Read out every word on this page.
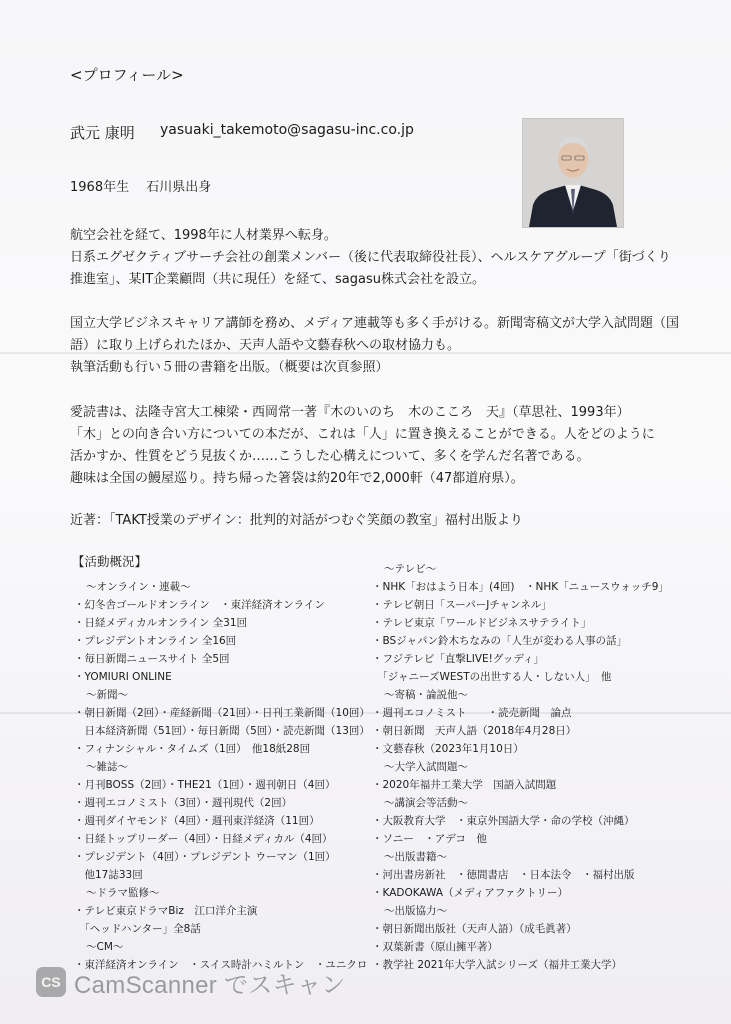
<プロフィール>
武元 康明 yasuaki_takemoto@sagasu-inc.co.jp
1968年生　 石川県出身
航空会社を経て、1998年に人材業界へ転身。
日系エグゼクティブサーチ会社の創業メンバー（後に代表取締役社長）、ヘルスケアグループ「街づくり
推進室」、某IT企業顧問（共に現任）を経て、sagasu株式会社を設立。
国立大学ビジネスキャリア講師を務め、メディア連載等も多く手がける。新聞寄稿文が大学入試問題（国
語）に取り上げられたほか、天声人語や文藝春秋への取材協力も。
執筆活動も行い５冊の書籍を出版。（概要は次頁参照）
愛読書は、法隆寺宮大工棟梁・西岡常一著『木のいのち　木のこころ　天』（草思社、1993年）
「木」との向き合い方についての本だが、これは「人」に置き換えることができる。人をどのように
活かすか、性質をどう見抜くか……こうした心構えについて、多くを学んだ名著である。
趣味は全国の鰻屋巡り。持ち帰った箸袋は約20年で2,000軒（47都道府県）。
近著：「TAKT授業のデザイン：批判的対話がつむぐ笑顔の教室」福村出版より
【活動概況】
～オンライン・連載～
・幻冬舎ゴールドオンライン　・東洋経済オンライン
・日経メディカルオンライン 全31回
・プレジデントオンライン 全16回
・毎日新聞ニュースサイト 全5回
・YOMIURI ONLINE
～新聞～
・朝日新聞（2回）・産経新聞（21回）・日刊工業新聞（10回）
　日本経済新聞（51回）・毎日新聞（5回）・読売新聞（13回）
・フィナンシャル・タイムズ（1回）　他18紙28回
～雑誌～
・月刊BOSS（2回）・THE21（1回）・週刊朝日（4回）
・週刊エコノミスト（3回）・週刊現代（2回）
・週刊ダイヤモンド（4回）・週刊東洋経済（11回）
・日経トップリーダー（4回）・日経メディカル（4回）
・プレジデント（4回）・プレジデント ウーマン（1回）
　他17誌33回
～ドラマ監修～
・テレビ東京ドラマBiz　江口洋介主演
　「ヘッドハンター」全8話
～CM～
・東洋経済オンライン　・スイス時計ハミルトン　・ユニクロ
～テレビ～
・NHK「おはよう日本」(4回)　・NHK「ニュースウォッチ9」
・テレビ朝日「スーパーJチャンネル」
・テレビ東京「ワールドビジネスサテライト」
・BSジャパン鈴木ちなみの「人生が変わる人事の話」
・フジテレビ「直撃LIVE!グッディ」
　「ジャニーズWESTの出世する人・しない人」　他
～寄稿・論説他～
・週刊エコノミスト　　・読売新聞　論点
・朝日新聞　天声人語（2018年4月28日）
・文藝春秋（2023年1月10日）
～大学入試問題～
・2020年福井工業大学　国語入試問題
～講演会等活動～
・大阪教育大学　・東京外国語大学・命の学校（沖縄）
・ソニー　・アデコ　他
～出版書籍～
・河出書房新社　・徳間書店　・日本法令　・福村出版
・KADOKAWA（メディアファクトリー）
～出版協力～
・朝日新聞出版社（天声人語）（成毛眞著）
・双葉新書（原山擁平著）
・教学社 2021年大学入試シリーズ（福井工業大学）
CS CamScanner でスキャン
